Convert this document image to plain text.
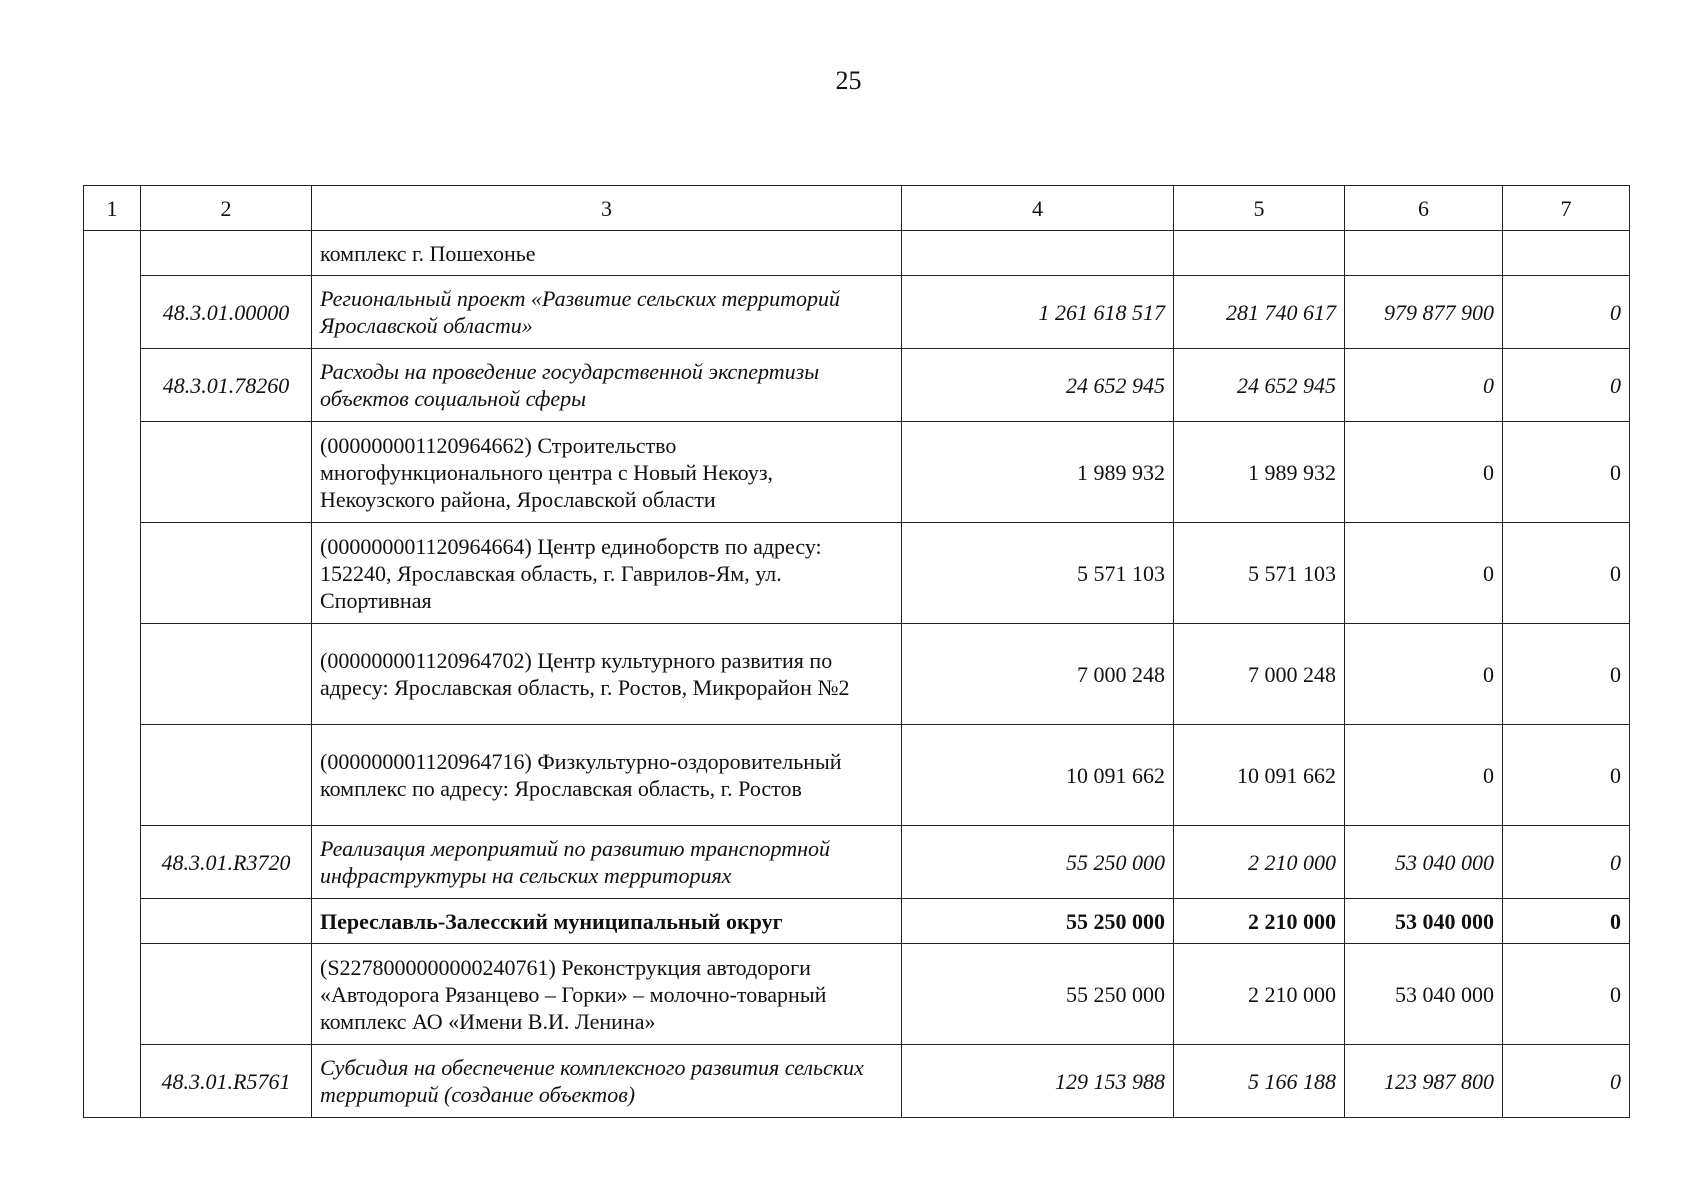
25
1	2	3	4	5	6	7
		комплекс г. Пошехонье				
	48.3.01.00000	Региональный проект «Развитие сельских территорий Ярославской области»	1 261 618 517	281 740 617	979 877 900	0
	48.3.01.78260	Расходы на проведение государственной экспертизы объектов социальной сферы	24 652 945	24 652 945	0	0
		(000000001120964662) Строительство многофункционального центра с Новый Некоуз, Некоузского района, Ярославской области	1 989 932	1 989 932	0	0
		(000000001120964664) Центр единоборств по адресу: 152240, Ярославская область, г. Гаврилов-Ям, ул. Спортивная	5 571 103	5 571 103	0	0
		(000000001120964702) Центр культурного развития по адресу: Ярославская область, г. Ростов, Микрорайон №2	7 000 248	7 000 248	0	0
		(000000001120964716) Физкультурно-оздоровительный комплекс по адресу: Ярославская область, г. Ростов	10 091 662	10 091 662	0	0
	48.3.01.R3720	Реализация мероприятий по развитию транспортной инфраструктуры на сельских территориях	55 250 000	2 210 000	53 040 000	0
		Переславль-Залесский муниципальный округ	55 250 000	2 210 000	53 040 000	0
		(S2278000000000240761) Реконструкция автодороги «Автодорога Рязанцево – Горки» – молочно-товарный комплекс АО «Имени В.И. Ленина»	55 250 000	2 210 000	53 040 000	0
	48.3.01.R5761	Субсидия на обеспечение комплексного развития сельских территорий (создание объектов)	129 153 988	5 166 188	123 987 800	0
